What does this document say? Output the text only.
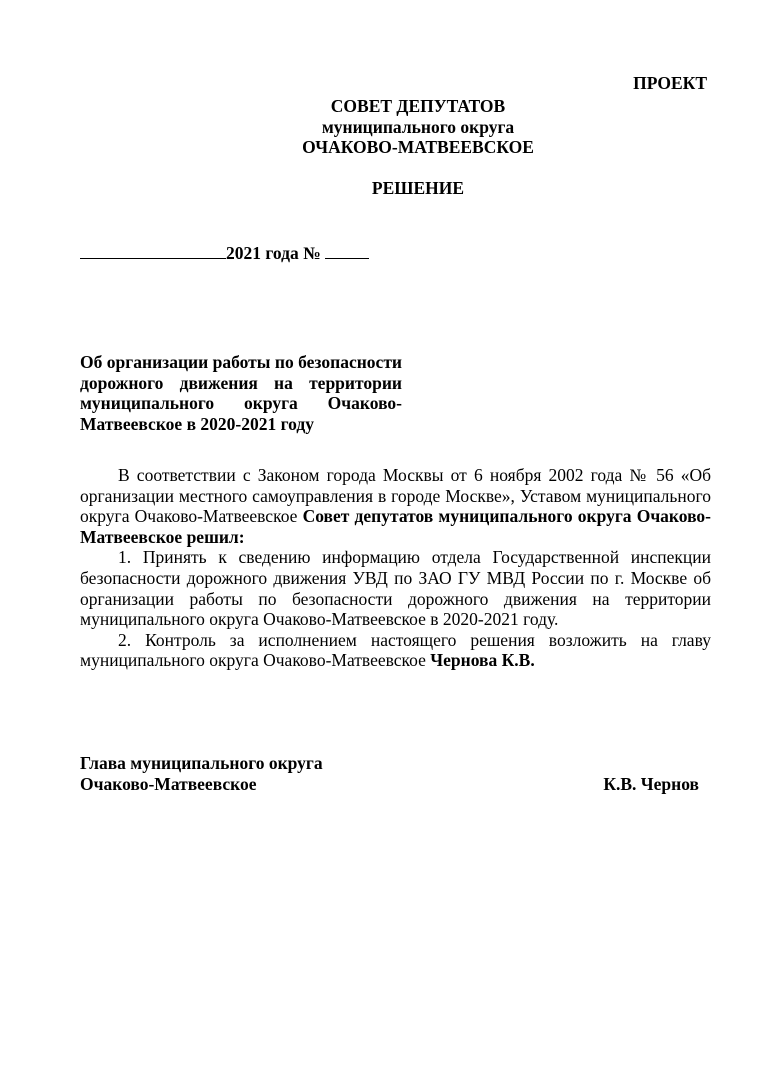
ПРОЕКТ
СОВЕТ ДЕПУТАТОВ
муниципального округа
ОЧАКОВО-МАТВЕЕВСКОЕ
РЕШЕНИЕ
2021 года №
Об организации работы по безопасности дорожного движения на территории муниципального округа Очаково-Матвеевское в 2020-2021 году

В соответствии с Законом города Москвы от 6 ноября 2002 года № 56 «Об организации местного самоуправления в городе Москве», Уставом муниципального округа Очаково-Матвеевское Совет депутатов муниципального округа Очаково-Матвеевское решил:

1. Принять к сведению информацию отдела Государственной инспекции безопасности дорожного движения УВД по ЗАО ГУ МВД России по г. Москве об организации работы по безопасности дорожного движения на территории муниципального округа Очаково-Матвеевское в 2020-2021 году.

2. Контроль за исполнением настоящего решения возложить на главу муниципального округа Очаково-Матвеевское Чернова К.В.

Глава муниципального округа
Очаково-Матвеевское	К.В. Чернов
